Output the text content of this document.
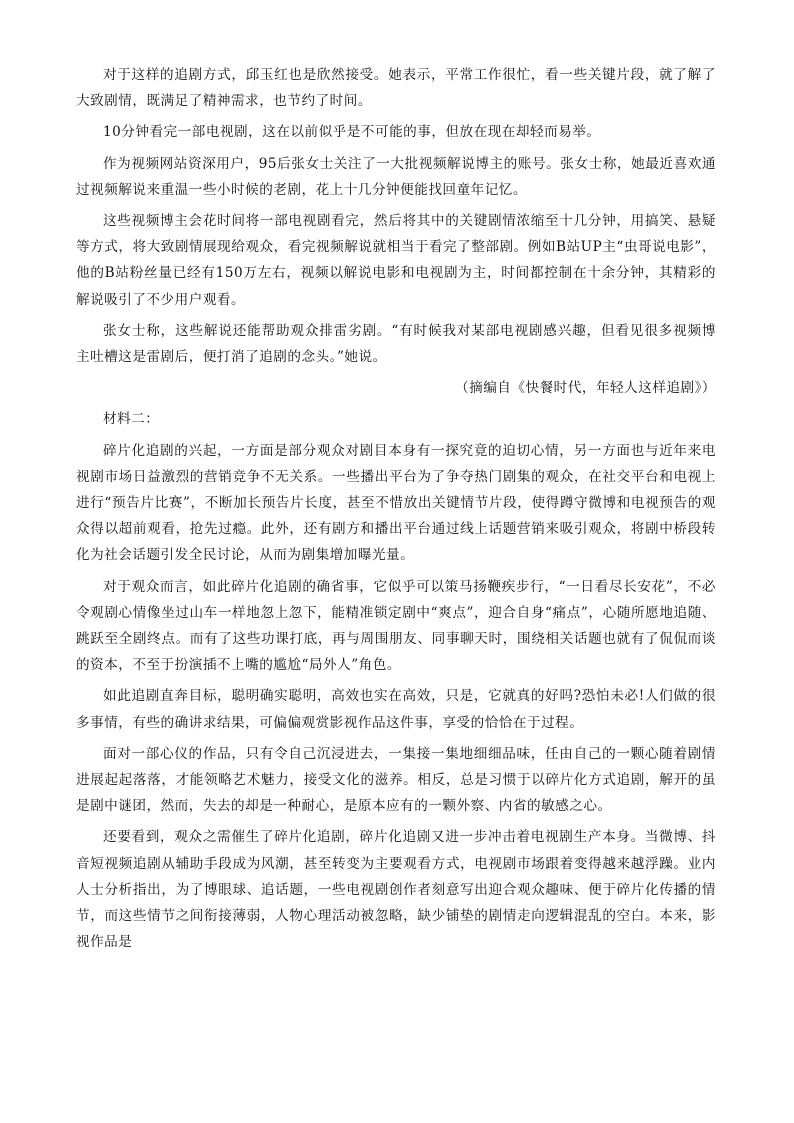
对于这样的追剧方式，邱玉红也是欣然接受。她表示，平常工作很忙，看一些关键片段，就了解了大致剧情，既满足了精神需求，也节约了时间。

10分钟看完一部电视剧，这在以前似乎是不可能的事，但放在现在却轻而易举。

作为视频网站资深用户，95后张女士关注了一大批视频解说博主的账号。张女士称，她最近喜欢通过视频解说来重温一些小时候的老剧，花上十几分钟便能找回童年记忆。

这些视频博主会花时间将一部电视剧看完，然后将其中的关键剧情浓缩至十几分钟，用搞笑、悬疑等方式，将大致剧情展现给观众，看完视频解说就相当于看完了整部剧。例如B站UP主“虫哥说电影”，他的B站粉丝量已经有150万左右，视频以解说电影和电视剧为主，时间都控制在十余分钟，其精彩的解说吸引了不少用户观看。

张女士称，这些解说还能帮助观众排雷劣剧。“有时候我对某部电视剧感兴趣，但看见很多视频博主吐槽这是雷剧后，便打消了追剧的念头。”她说。

（摘编自《快餐时代，年轻人这样追剧》）

材料二：

碎片化追剧的兴起，一方面是部分观众对剧目本身有一探究竟的迫切心情，另一方面也与近年来电视剧市场日益激烈的营销竞争不无关系。一些播出平台为了争夺热门剧集的观众，在社交平台和电视上进行“预告片比赛”，不断加长预告片长度，甚至不惜放出关键情节片段，使得蹲守微博和电视预告的观众得以超前观看，抢先过瘾。此外，还有剧方和播出平台通过线上话题营销来吸引观众，将剧中桥段转化为社会话题引发全民讨论，从而为剧集增加曝光量。

对于观众而言，如此碎片化追剧的确省事，它似乎可以策马扬鞭疾步行，“一日看尽长安花”，不必令观剧心情像坐过山车一样地忽上忽下，能精准锁定剧中“爽点”，迎合自身“痛点”，心随所愿地追随、跳跃至全剧终点。而有了这些功课打底，再与周围朋友、同事聊天时，围绕相关话题也就有了侃侃而谈的资本，不至于扮演插不上嘴的尴尬“局外人”角色。

如此追剧直奔目标，聪明确实聪明，高效也实在高效，只是，它就真的好吗?恐怕未必!人们做的很多事情，有些的确讲求结果，可偏偏观赏影视作品这件事，享受的恰恰在于过程。

面对一部心仪的作品，只有令自己沉浸进去，一集接一集地细细品味，任由自己的一颗心随着剧情进展起起落落，才能领略艺术魅力，接受文化的滋养。相反，总是习惯于以碎片化方式追剧，解开的虽是剧中谜团，然而，失去的却是一种耐心，是原本应有的一颗外察、内省的敏感之心。

还要看到，观众之需催生了碎片化追剧，碎片化追剧又进一步冲击着电视剧生产本身。当微博、抖音短视频追剧从辅助手段成为风潮，甚至转变为主要观看方式，电视剧市场跟着变得越来越浮躁。业内人士分析指出，为了博眼球、追话题，一些电视剧创作者刻意写出迎合观众趣味、便于碎片化传播的情节，而这些情节之间衔接薄弱，人物心理活动被忽略，缺少铺垫的剧情走向逻辑混乱的空白。本来，影视作品是
